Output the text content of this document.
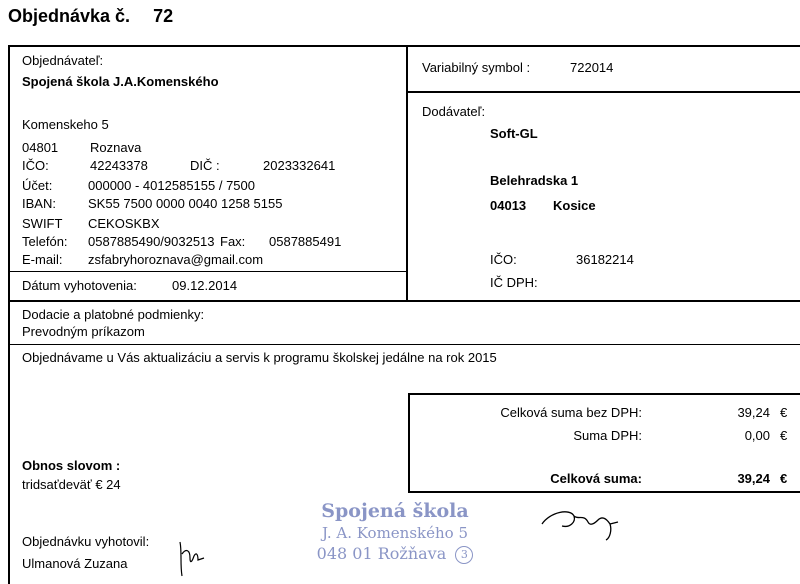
Objednávka č. 72
Objednávateľ:
Spojená škola J.A.Komenského
Komenskeho 5
04801 Roznava
IČO:	42243378	DIČ :	2023332641
Účet:	000000 - 4012585155 / 7500
IBAN: SK55 7500 0000 0040 1258 5155
SWIFT CEKOSKBX
Telefón: 0587885490/9032513 Fax: 0587885491
E-mail: zsfabryhoroznava@gmail.com
Dátum vyhotovenia:	09.12.2014
Variabilný symbol :	722014
Dodávateľ:
Soft-GL
Belehradska 1
04013 Kosice
IČO:	36182214
IČ DPH:
Dodacie a platobné podmienky:
Prevodným príkazom
Objednávame u Vás aktualizáciu a servis k programu školskej jedálne na rok 2015
Celková suma bez DPH:	39,24 €
Suma DPH:	0,00 €
Celková suma:	39,24 €
Obnos slovom :
tridsaťdeväť € 24
Objednávku vyhotovil:
Ulmanová Zuzana
Spojená škola
J. A. Komenského 5
048 01 Rožňava 3
